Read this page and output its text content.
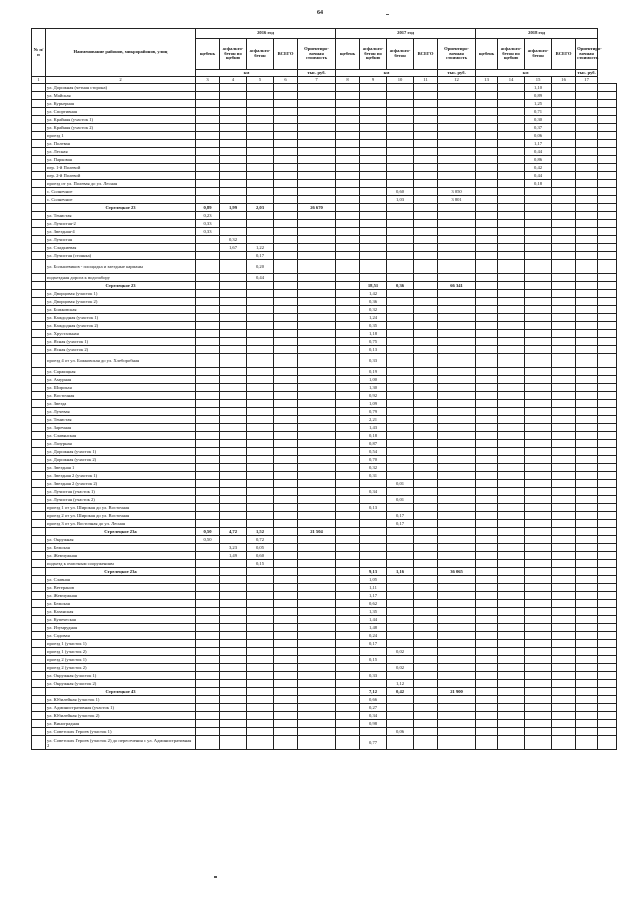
64
№ п/п	Наименование районов, микрорайонов, улиц	2016 год					2017 год					2018 год					
		щебень	асфальто-бетон по щебню	асфальто-бетон	ВСЕГО	Ориентиро-вочная стоимость	щебень	асфальто-бетон по щебню	асфальто-бетон	ВСЕГО	Ориентиро-вочная стоимость	щебень	асфальто-бетон по щебню	асфальто-бетон	ВСЕГО	Ориентиро-вочная стоимость	
		км				тыс. руб.	км				тыс. руб.	км				тыс. руб.	
1	2	3	4	5	6	7	8	9	10	11	12	13	14	15	16	17	
	ул. Дорожная (четная сторона)													1,10			
	ул. Майская													0,89			
	ул. Курьерная													1,25			
	ул. Спортивная													0,71			
	ул. Крайняя (участок 1)													0,30			
	ул. Крайняя (участок 2)													0,37			
	проезд 1													0,06			
	ул. Полевая													1,17			
	ул. Лесная													0,44			
	ул. Парковая													0,86			
	пер. 1-й Полевой													0,42			
	пер. 2-й Полевой													0,44			
	проезд от ул. Полевая до ул. Лесная													0,18			
	с. Солнечное								0,60		3 050						
	с. Солнечное								1,03		3 801						
	Стрелецкое 23	0,89	1,99	2,03		26 670											
	ул. Тенистая	0,23															
	ул. Лучистая-2	0,33															
	ул. Звездная-4	0,33															
	ул. Лучистая		0,32														
	ул. Сладкиевая		1,67	1,22													
	ул. Лучистая (стоянка)			0,17													
	ул. Большевиков - площадка и заездные карманы			0,20													
	подъездная дорога к водозабору			0,44													
	Стрелецкое 23							18,51	0,36		66 341						
	ул. Дворцовая (участок 1)							1,42									
	ул. Дворцовая (участок 2)							0,36									
	ул. Божковская							0,32									
	ул. Каждодная (участок 1)							1,24									
	ул. Каждодная (участок 2)							0,35									
	ул. Хрустальная							1,18									
	ул. Ясная (участок 1)							0,75									
	ул. Ясная (участок 2)							0,13									
	проезд 4 от ул. Божковская до ул. Хлеборобная							0,33									
	ул. Саржицкая							0,19									
	ул. Амурная							1,00									
	ул. Широкая							1,30									
	ул. Восточная							0,92									
	ул. Звезда							1,09									
	ул. Лучевая							0,79									
	ул. Тенистая							2,21									
	ул. Заречная							1,43									
	ул. Славянская							0,18									
	ул. Лазурная							0,87									
	ул. Дорожная (участок 1)							0,54									
	ул. Дорожная (участок 2)							0,70									
	ул. Звездная 1							0,32									
	ул. Звездная 2 (участок 1)							0,31									
	ул. Звездная 2 (участок 2)								0,01								
	ул. Лучистая (участок 1)							0,34									
	ул. Лучистая (участок 2)								0,01								
	проезд 1 от ул. Широкая до ул. Восточная							0,13									
	проезд 2 от ул. Широкая до ул. Восточная								0,17								
	проезд 3 от ул. Восточная до ул. Лесная								0,17								
	Стрелецкое 23а	0,50	4,72	1,52		21 504											
	ул. Окружная	0,50		0,72													
	ул. Бежская		3,23	0,05													
	ул. Жемчужная		1,49	0,60													
	подъезд к очистным сооружениям			0,15													
	Стрелецкое 23а							9,13	1,16		36 065						
	ул. Славная							1,05									
	ул. Ветеранов							1,11									
	ул. Жемчужная							1,17									
	ул. Бежская							0,62									
	ул. Казанская							1,35									
	ул. Купеческая							1,44									
	ул. Изумрудная							1,48									
	ул. Садовая							0,24									
	проезд 1 (участок 1)							0,17									
	проезд 1 (участок 2)								0,02								
	проезд 2 (участок 1)							0,15									
	проезд 2 (участок 2)								0,02								
	ул. Окружная (участок 1)							0,33									
	ул. Окружная (участок 2)								1,12								
	Стрелецкое 43							7,12	0,42		21 900						
	ул. Юбилейная (участок 1)							0,66									
	ул. Административная (участок 1)							0,27									
	ул. Юбилейная (участок 2)							0,34									
	ул. Виноградная							0,98									
	ул. Советских Героев (участок 1)								0,06								
	ул. Советских Героев (участок 2) до пересечения с ул. Административная 2							0,77									
